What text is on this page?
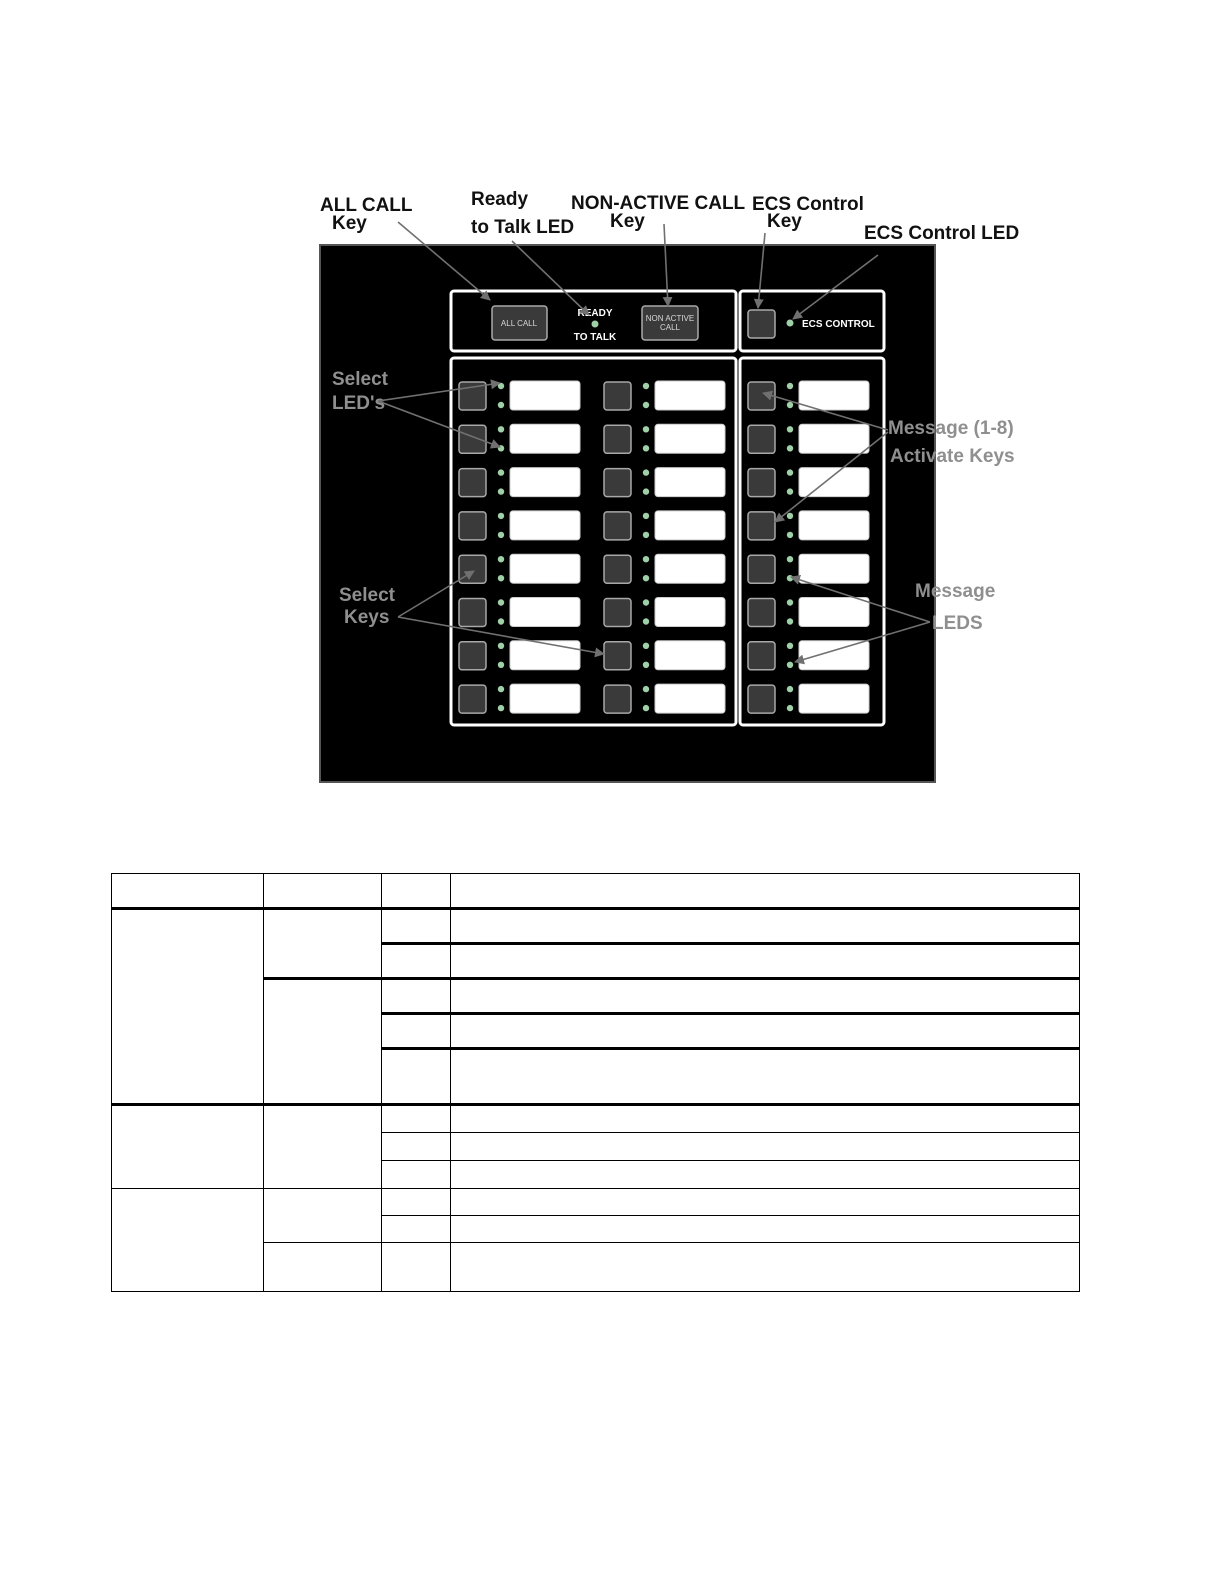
ALL CALL
READY
TO TALK
NON ACTIVE
CALL	ECS CONTROL
ALL CALL
Key
Ready
to Talk LED
NON-ACTIVE CALL
Key
ECS Control
Key
ECS Control LED
Select
LED's
Message (1-8)
Activate Keys
Select
Keys
Message
LEDS
